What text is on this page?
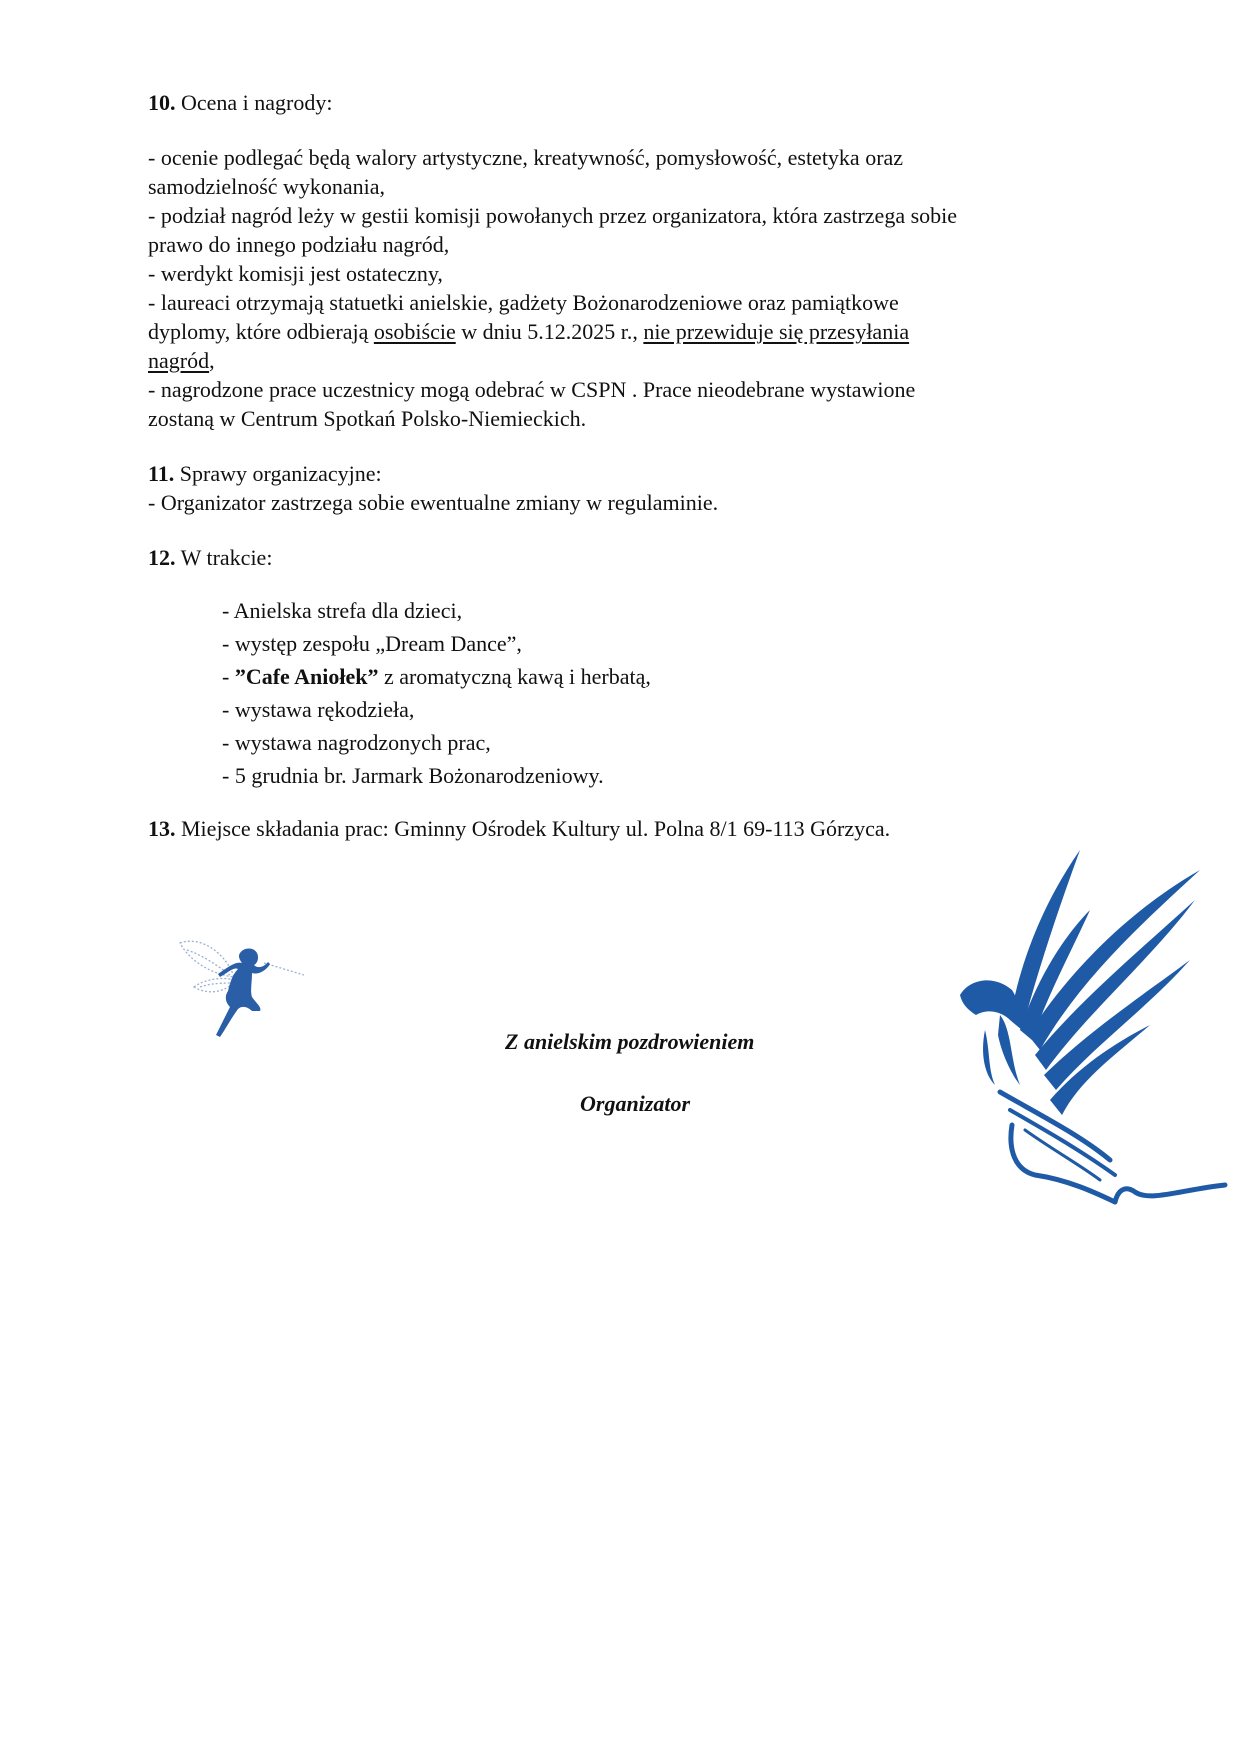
10. Ocena i nagrody:
- ocenie podlegać będą walory artystyczne, kreatywność, pomysłowość, estetyka oraz
samodzielność wykonania,
- podział nagród leży w gestii komisji powołanych przez organizatora, która zastrzega sobie
prawo do innego podziału nagród,
- werdykt komisji jest ostateczny,
- laureaci otrzymają statuetki anielskie, gadżety Bożonarodzeniowe oraz pamiątkowe
dyplomy, które odbierają osobiście w dniu 5.12.2025 r., nie przewiduje się przesyłania
nagród,
- nagrodzone prace uczestnicy mogą odebrać w CSPN . Prace nieodebrane wystawione
zostaną w Centrum Spotkań Polsko-Niemieckich.
11. Sprawy organizacyjne:
- Organizator zastrzega sobie ewentualne zmiany w regulaminie.
12. W trakcie:
- Anielska strefa dla dzieci,
- występ zespołu „Dream Dance”,
- ”Cafe Aniołek” z aromatyczną kawą i herbatą,
- wystawa rękodzieła,
- wystawa nagrodzonych prac,
- 5 grudnia br. Jarmark Bożonarodzeniowy.
13. Miejsce składania prac: Gminny Ośrodek Kultury ul. Polna 8/1 69-113 Górzyca.
Z anielskim pozdrowieniem
Organizator
